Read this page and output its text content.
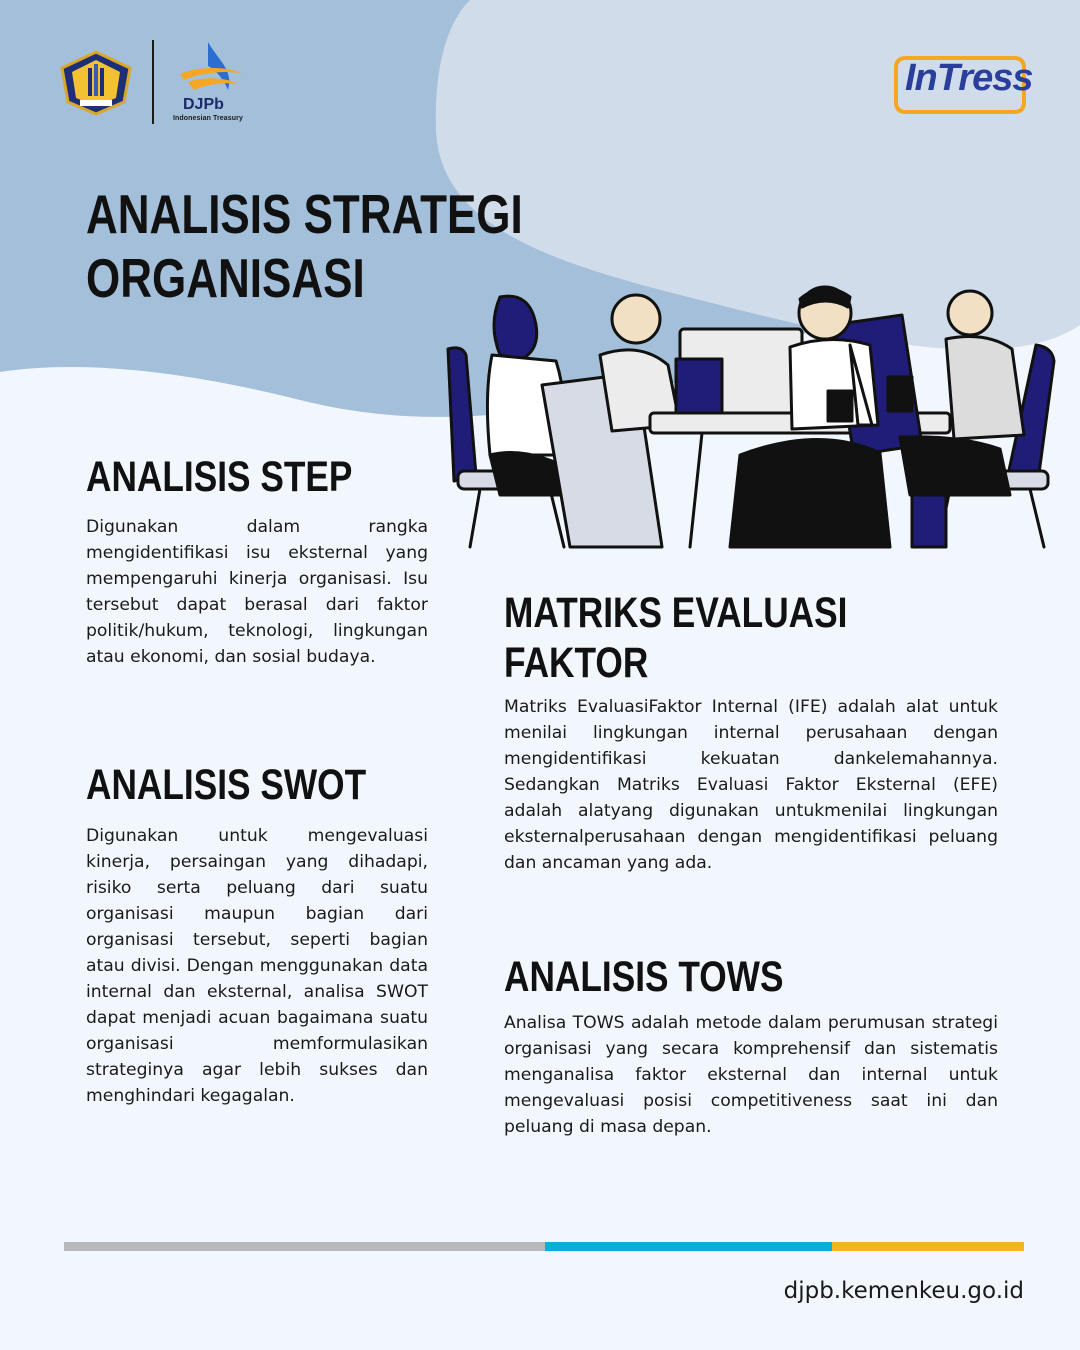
DJPb
Indonesian Treasury
InTress
ANALISIS STRATEGI
ORGANISASI
ANALISIS STEP

Digunakan dalam rangka mengidentifikasi isu eksternal yang mempengaruhi kinerja organisasi. Isu tersebut dapat berasal dari faktor politik/hukum, teknologi, lingkungan atau ekonomi, dan sosial budaya.

ANALISIS SWOT

Digunakan untuk mengevaluasi kinerja, persaingan yang dihadapi, risiko serta peluang dari suatu organisasi maupun bagian dari organisasi tersebut, seperti bagian atau divisi. Dengan menggunakan data internal dan eksternal, analisa SWOT dapat menjadi acuan bagaimana suatu organisasi memformulasikan strateginya agar lebih sukses dan menghindari kegagalan.

MATRIKS EVALUASI
FAKTOR

Matriks EvaluasiFaktor Internal (IFE) adalah alat untuk menilai lingkungan internal perusahaan dengan mengidentifikasi kekuatan dankelemahannya. Sedangkan Matriks Evaluasi Faktor Eksternal (EFE) adalah alatyang digunakan untukmenilai lingkungan eksternalperusahaan dengan mengidentifikasi peluang dan ancaman yang ada.

ANALISIS TOWS

Analisa TOWS adalah metode dalam perumusan strategi organisasi yang secara komprehensif dan sistematis menganalisa faktor eksternal dan internal untuk mengevaluasi posisi competitiveness saat ini dan peluang di masa depan.

djpb.kemenkeu.go.id
